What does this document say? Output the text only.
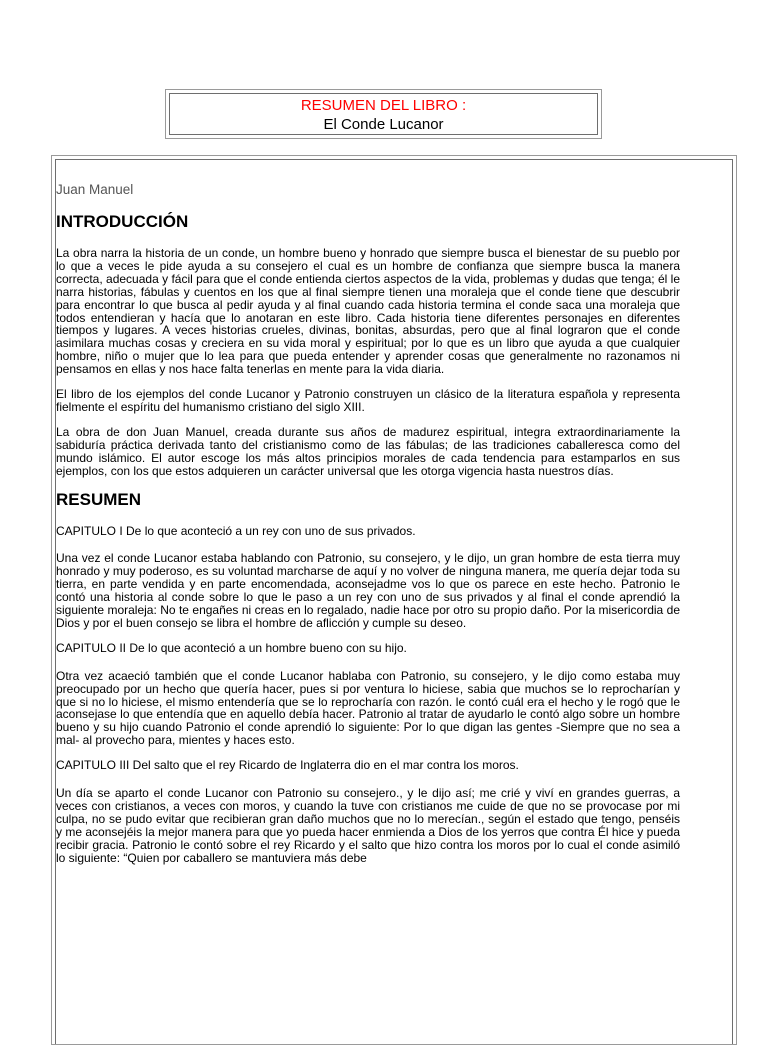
RESUMEN DEL LIBRO :
El Conde Lucanor
Juan Manuel
INTRODUCCIÓN

La obra narra la historia de un conde, un hombre bueno y honrado que siempre busca el bienestar de su pueblo por lo que a veces le pide ayuda a su consejero el cual es un hombre de confianza que siempre busca la manera correcta, adecuada y fácil para que el conde entienda ciertos aspectos de la vida, problemas y dudas que tenga; él le narra historias, fábulas y cuentos en los que al final siempre tienen una moraleja que el conde tiene que descubrir para encontrar lo que busca al pedir ayuda y al final cuando cada historia termina el conde saca una moraleja que todos entendieran y hacía que lo anotaran en este libro. Cada historia tiene diferentes personajes en diferentes tiempos y lugares. A veces historias crueles, divinas, bonitas, absurdas, pero que al final lograron que el conde asimilara muchas cosas y creciera en su vida moral y espiritual; por lo que es un libro que ayuda a que cualquier hombre, niño o mujer que lo lea para que pueda entender y aprender cosas que generalmente no razonamos ni pensamos en ellas y nos hace falta tenerlas en mente para la vida diaria.

El libro de los ejemplos del conde Lucanor y Patronio construyen un clásico de la literatura española y representa fielmente el espíritu del humanismo cristiano del siglo XIII.

La obra de don Juan Manuel, creada durante sus años de madurez espiritual, integra extraordinariamente la sabiduría práctica derivada tanto del cristianismo como de las fábulas; de las tradiciones caballeresca como del mundo islámico. El autor escoge los más altos principios morales de cada tendencia para estamparlos en sus ejemplos, con los que estos adquieren un carácter universal que les otorga vigencia hasta nuestros días.

RESUMEN

CAPITULO I De lo que aconteció a un rey con uno de sus privados.

Una vez el conde Lucanor estaba hablando con Patronio, su consejero, y le dijo, un gran hombre de esta tierra muy honrado y muy poderoso, es su voluntad marcharse de aquí y no volver de ninguna manera, me quería dejar toda su tierra, en parte vendida y en parte encomendada, aconsejadme vos lo que os parece en este hecho. Patronio le contó una historia al conde sobre lo que le paso a un rey con uno de sus privados y al final el conde aprendió la siguiente moraleja: No te engañes ni creas en lo regalado, nadie hace por otro su propio daño. Por la misericordia de Dios y por el buen consejo se libra el hombre de aflicción y cumple su deseo.

CAPITULO II De lo que aconteció a un hombre bueno con su hijo.

Otra vez acaeció también que el conde Lucanor hablaba con Patronio, su consejero, y le dijo como estaba muy preocupado por un hecho que quería hacer, pues si por ventura lo hiciese, sabia que muchos se lo reprocharían y que si no lo hiciese, el mismo entendería que se lo reprocharía con razón. le contó cuál era el hecho y le rogó que le aconsejase lo que entendía que en aquello debía hacer. Patronio al tratar de ayudarlo le contó algo sobre un hombre bueno y su hijo cuando Patronio el conde aprendió lo siguiente: Por lo que digan las gentes -Siempre que no sea a mal- al provecho para, mientes y haces esto.

CAPITULO III Del salto que el rey Ricardo de Inglaterra dio en el mar contra los moros.

Un día se aparto el conde Lucanor con Patronio su consejero., y le dijo así; me crié y viví en grandes guerras, a veces con cristianos, a veces con moros, y cuando la tuve con cristianos me cuide de que no se provocase por mi culpa, no se pudo evitar que recibieran gran daño muchos que no lo merecían., según el estado que tengo, penséis y me aconsejéis la mejor manera para que yo pueda hacer enmienda a Dios de los yerros que contra Él hice y pueda recibir gracia. Patronio le contó sobre el rey Ricardo y el salto que hizo contra los moros por lo cual el conde asimiló lo siguiente: “Quien por caballero se mantuviera más debe
